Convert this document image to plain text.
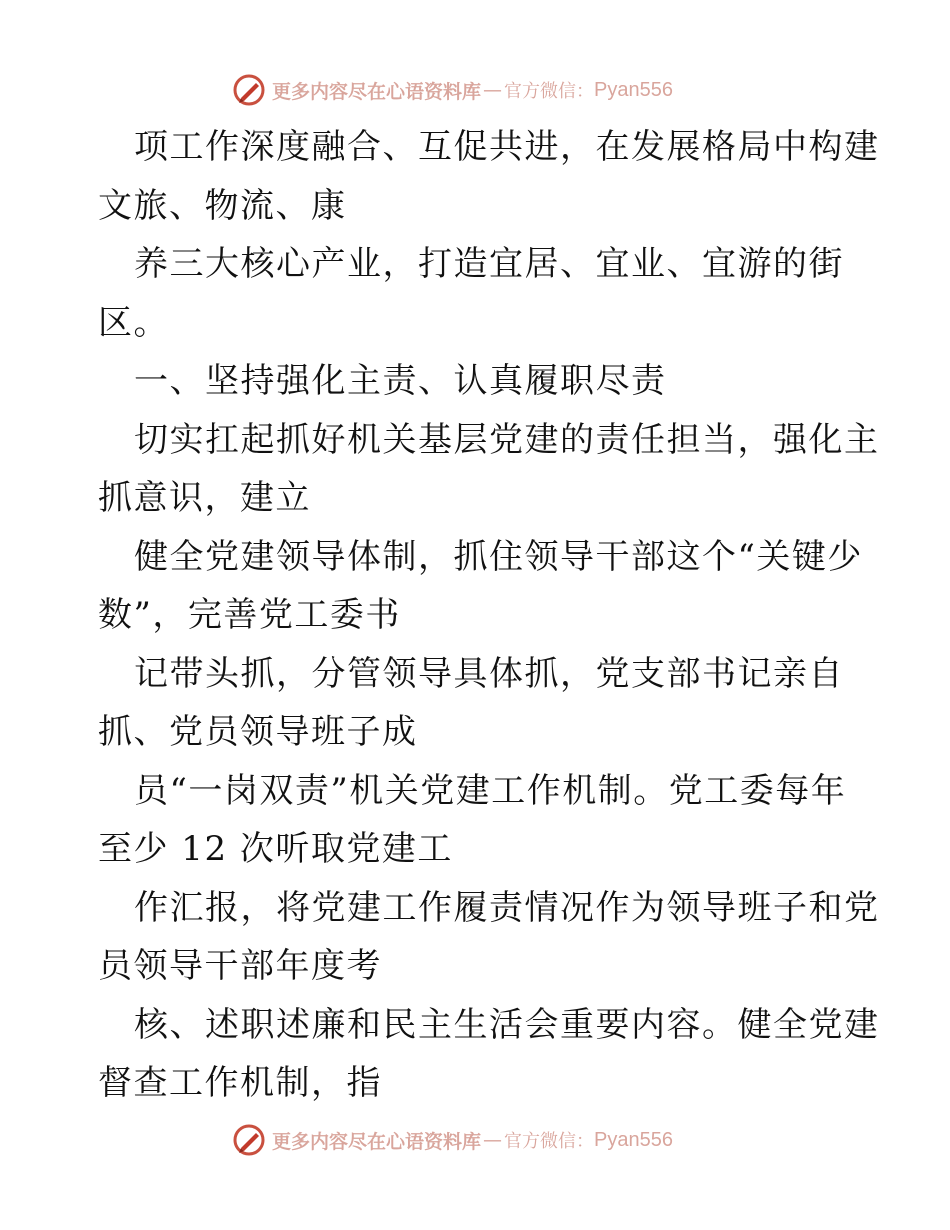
更多内容尽在心语资料库 — 官方微信： Pyan556
项工作深度融合、互促共进，在发展格局中构建
文旅、物流、康
养三大核心产业，打造宜居、宜业、宜游的街
区。
一、坚持强化主责、认真履职尽责
切实扛起抓好机关基层党建的责任担当，强化主
抓意识，建立
健全党建领导体制，抓住领导干部这个“关键少
数”，完善党工委书
记带头抓，分管领导具体抓，党支部书记亲自
抓、党员领导班子成
员“一岗双责”机关党建工作机制。党工委每年
至少 12 次听取党建工
作汇报，将党建工作履责情况作为领导班子和党
员领导干部年度考
核、述职述廉和民主生活会重要内容。健全党建
督查工作机制，指
更多内容尽在心语资料库 — 官方微信： Pyan556
